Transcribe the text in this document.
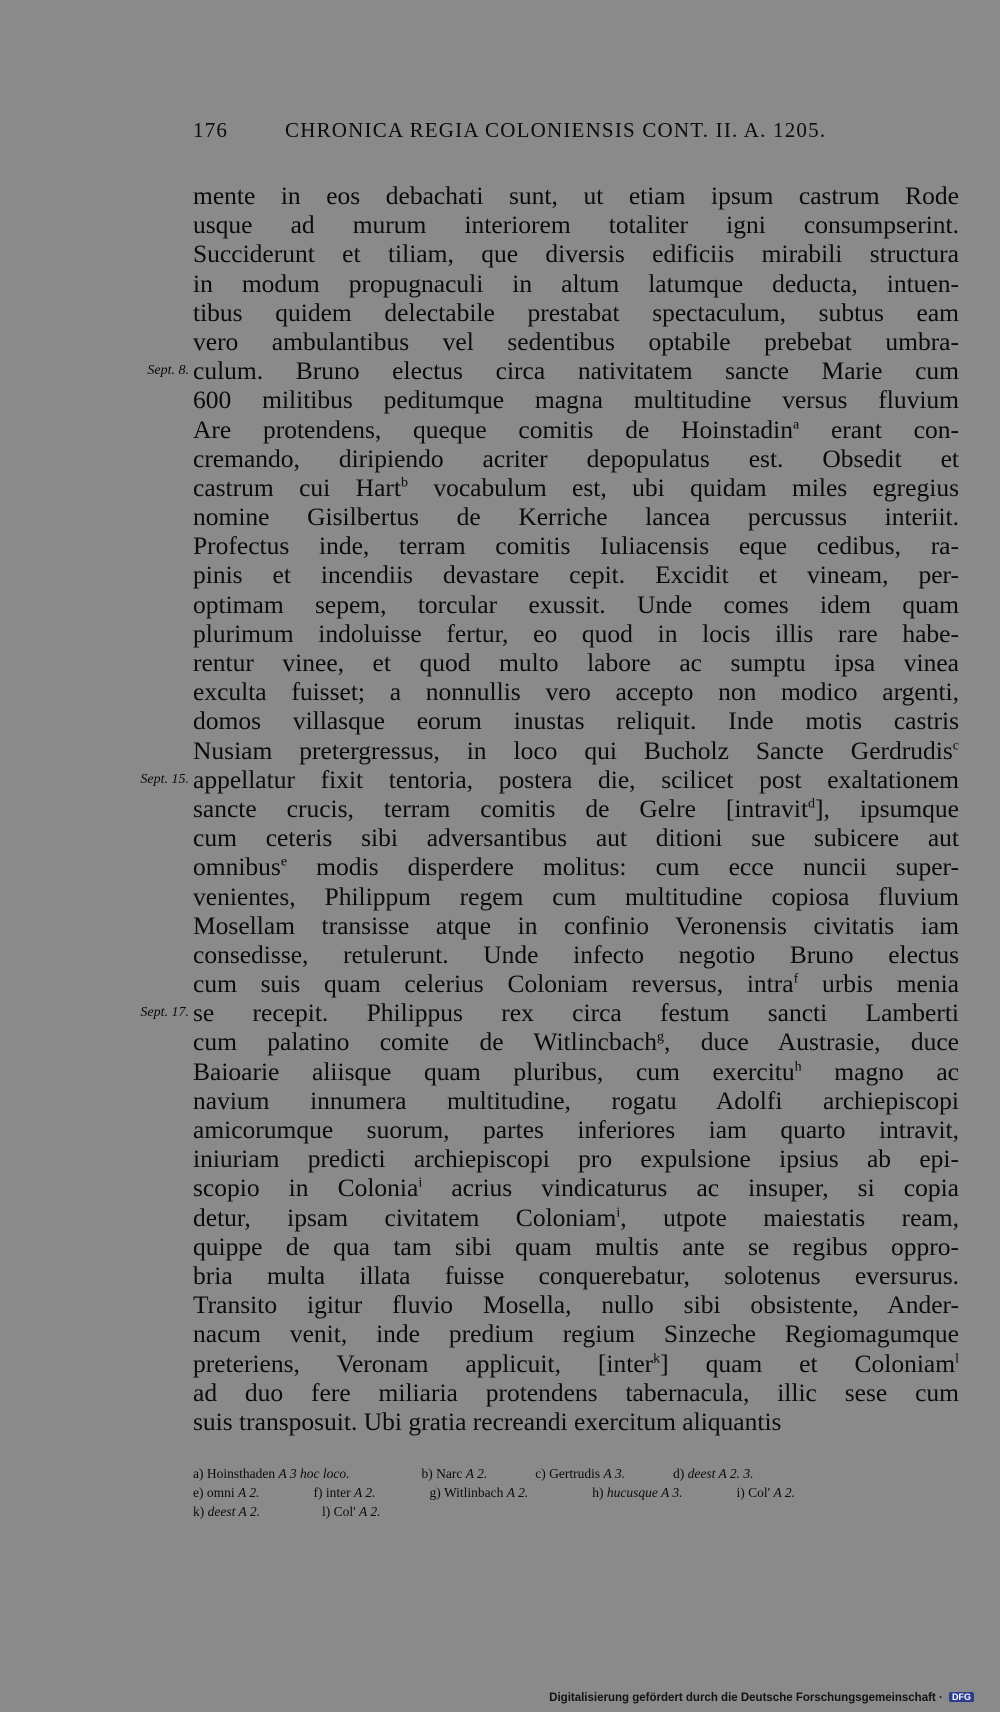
176	CHRONICA REGIA COLONIENSIS CONT. II. A. 1205.
mente in eos debachati sunt, ut etiam ipsum castrum Rode
usque ad murum interiorem totaliter igni consumpserint.
Succiderunt et tiliam, que diversis edificiis mirabili structura
in modum propugnaculi in altum latumque deducta, intuen-
tibus quidem delectabile prestabat spectaculum, subtus eam
vero ambulantibus vel sedentibus optabile prebebat umbra-
Sept. 8. culum. Bruno electus circa nativitatem sancte Marie cum
600 militibus peditumque magna multitudine versus fluvium
Are protendens, queque comitis de Hoinstadin$^a$ erant con-
cremando, diripiendo acriter depopulatus est. Obsedit et
castrum cui Hart$^b$ vocabulum est, ubi quidam miles egregius
nomine Gisilbertus de Kerriche lancea percussus interiit.
Profectus inde, terram comitis Iuliacensis eque cedibus, ra-
pinis et incendiis devastare cepit. Excidit et vineam, per-
optimam sepem, torcular exussit. Unde comes idem quam
plurimum indoluisse fertur, eo quod in locis illis rare habe-
rentur vinee, et quod multo labore ac sumptu ipsa vinea
exculta fuisset; a nonnullis vero accepto non modico argenti,
domos villasque eorum inustas reliquit. Inde motis castris
Nusiam pretergressus, in loco qui Bucholz Sancte Gerdrudis$^c$
Sept. 15. appellatur fixit tentoria, postera die, scilicet post exaltationem
sancte crucis, terram comitis de Gelre [intravit$^d$], ipsumque
cum ceteris sibi adversantibus aut ditioni sue subicere aut
omnibus$^e$ modis disperdere molitus: cum ecce nuncii super-
venientes, Philippum regem cum multitudine copiosa fluvium
Mosellam transisse atque in confinio Veronensis civitatis iam
consedisse, retulerunt. Unde infecto negotio Bruno electus
cum suis quam celerius Coloniam reversus, intra$^f$ urbis menia
Sept. 17. se recepit. Philippus rex circa festum sancti Lamberti
cum palatino comite de Witlincbach$^g$, duce Austrasie, duce
Baioarie aliisque quam pluribus, cum exercitu$^h$ magno ac
navium innumera multitudine, rogatu Adolfi archiepiscopi
amicorumque suorum, partes inferiores iam quarto intravit,
iniuriam predicti archiepiscopi pro expulsione ipsius ab epi-
scopio in Colonia$^i$ acrius vindicaturus ac insuper, si copia
detur, ipsam civitatem Coloniam$^i$, utpote maiestatis ream,
quippe de qua tam sibi quam multis ante se regibus oppro-
bria multa illata fuisse conquerebatur, solotenus eversurus.
Transito igitur fluvio Mosella, nullo sibi obsistente, Ander-
nacum venit, inde predium regium Sinzeche Regiomagumque
preteriens, Veronam applicuit, [inter$^k$] quam et Coloniam$^l$
ad duo fere miliaria protendens tabernacula, illic sese cum
suis transposuit. Ubi gratia recreandi exercitum aliquantis
a) Hoinsthaden A 3 hoc loco.	b) Narc A 2.	c) Gertrudis A 3.	d) deest A 2. 3.
e) omni A 2.	f) inter A 2.	g) Witlinbach A 2.	h) hucusque A 3.	i) Col' A 2.
k) deest A 2.	l) Col' A 2.
Digitalisierung gefördert durch die Deutsche Forschungsgemeinschaft · DFG
